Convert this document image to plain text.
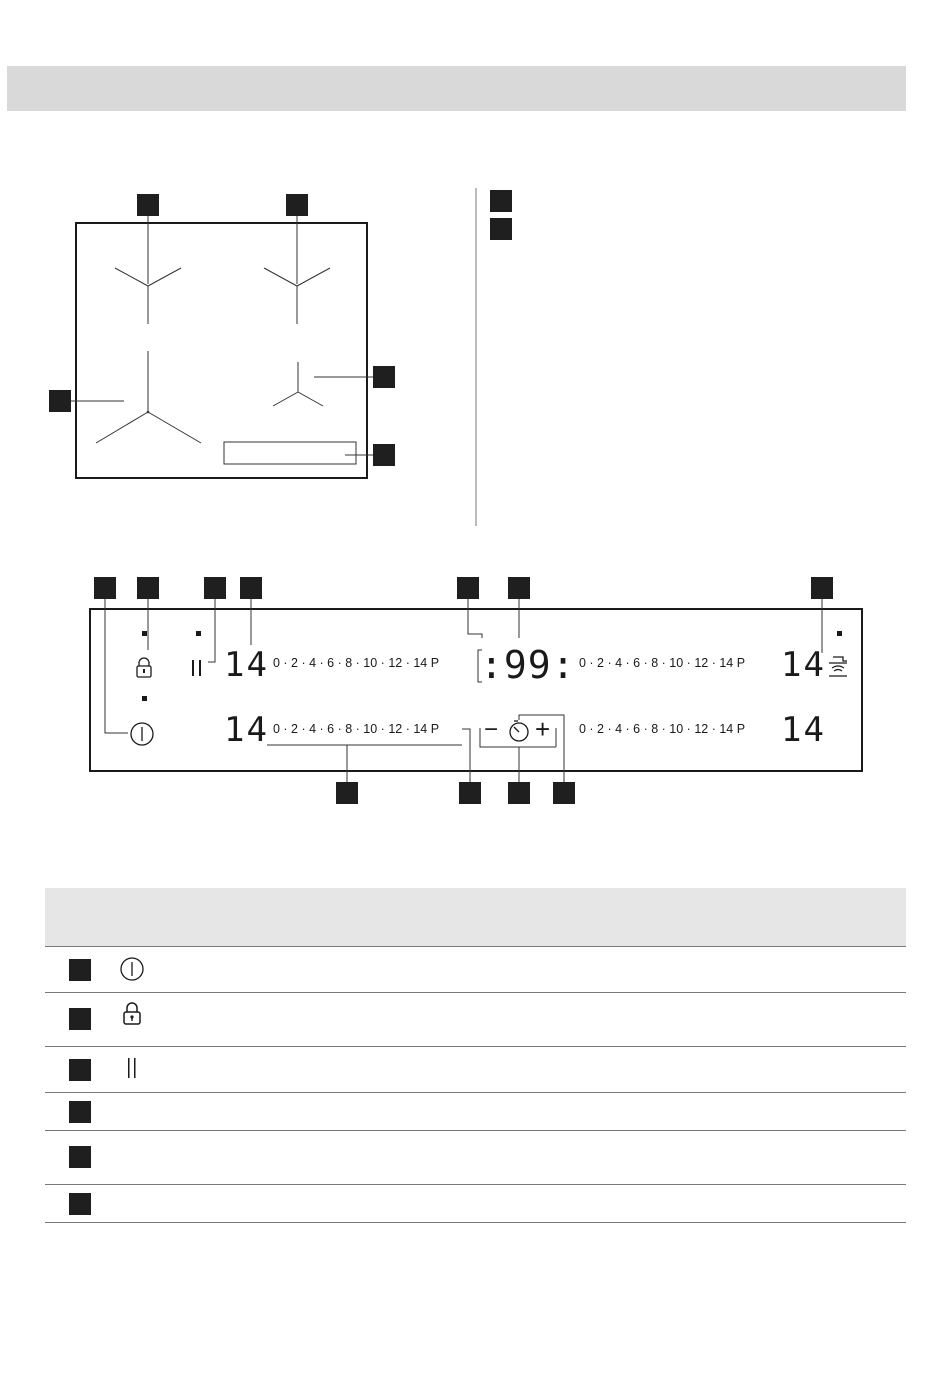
− +
14
14
14
14
:99:
0 · 2 · 4 · 6 · 8 · 10 · 12 · 14 P
0 · 2 · 4 · 6 · 8 · 10 · 12 · 14 P
0 · 2 · 4 · 6 · 8 · 10 · 12 · 14 P
0 · 2 · 4 · 6 · 8 · 10 · 12 · 14 P
